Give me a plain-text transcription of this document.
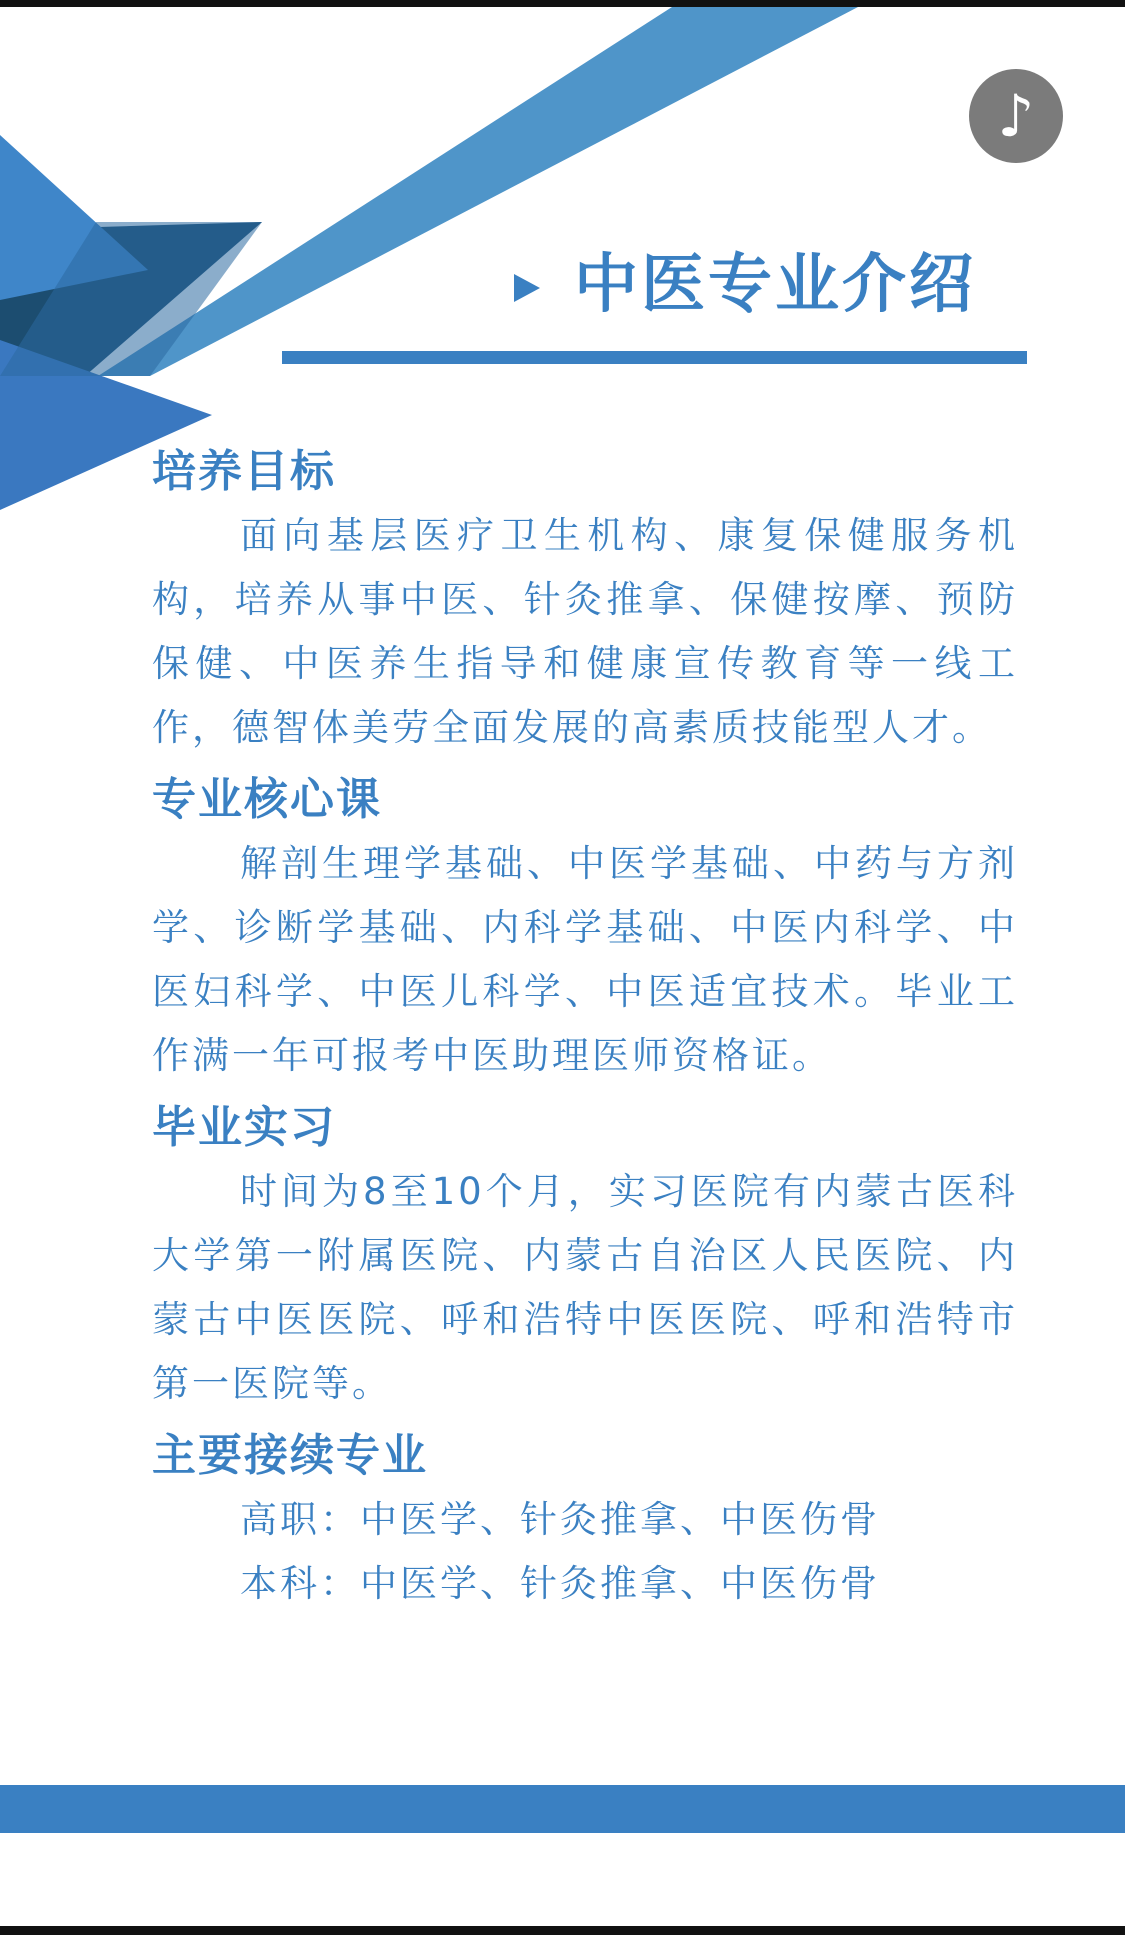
♪
中医专业介绍
培养目标

面向基层医疗卫生机构、康复保健服务机构，培养从事中医、针灸推拿、保健按摩、预防保健、中医养生指导和健康宣传教育等一线工作，德智体美劳全面发展的高素质技能型人才。

专业核心课

解剖生理学基础、中医学基础、中药与方剂学、诊断学基础、内科学基础、中医内科学、中医妇科学、中医儿科学、中医适宜技术。毕业工作满一年可报考中医助理医师资格证。

毕业实习

时间为8至10个月，实习医院有内蒙古医科大学第一附属医院、内蒙古自治区人民医院、内蒙古中医医院、呼和浩特中医医院、呼和浩特市第一医院等。

主要接续专业

高职：中医学、针灸推拿、中医伤骨

本科：中医学、针灸推拿、中医伤骨
